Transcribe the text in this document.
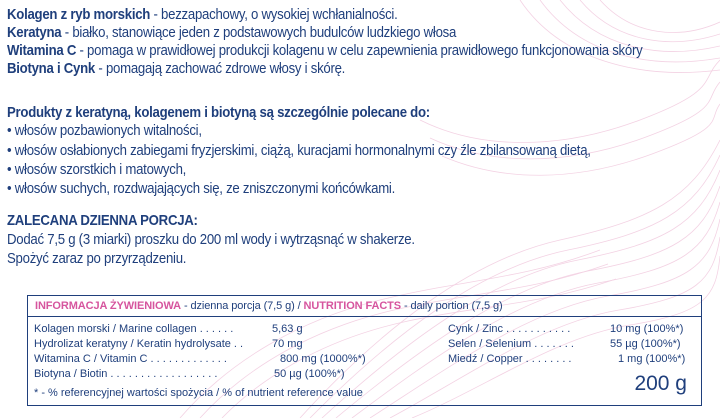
Kolagen z ryb morskich - bezzapachowy, o wysokiej wchłanialności.
Keratyna - białko, stanowiące jeden z podstawowych budulców ludzkiego włosa
Witamina C - pomaga w prawidłowej produkcji kolagenu w celu zapewnienia prawidłowego funkcjonowania skóry
Biotyna i Cynk - pomagają zachować zdrowe włosy i skórę.
Produkty z keratyną, kolagenem i biotyną są szczególnie polecane do:
• włosów pozbawionych witalności,
• włosów osłabionych zabiegami fryzjerskimi, ciążą, kuracjami hormonalnymi czy źle zbilansowaną dietą,
• włosów szorstkich i matowych,
• włosów suchych, rozdwajających się, ze zniszczonymi końcówkami.
ZALECANA DZIENNA PORCJA:
Dodać 7,5 g (3 miarki) proszku do 200 ml wody i wytrząsnąć w shakerze.
Spożyć zaraz po przyrządzeniu.
INFORMACJA ŻYWIENIOWA - dzienna porcja (7,5 g) / NUTRITION FACTS - daily portion (7,5 g)
Kolagen morski / Marine collagen . . . . . .	5,63 g
Hydrolizat keratyny / Keratin hydrolysate . .	70 mg
Witamina C / Vitamin C . . . . . . . . . . . . .	800 mg (1000%*)
Biotyna / Biotin . . . . . . . . . . . . . . . . . .	50 µg (100%*)
Cynk / Zinc . . . . . . . . . . .	10 mg (100%*)
Selen / Selenium . . . . . . .	55 µg (100%*)
Miedź / Copper . . . . . . . .	1 mg (100%*)
* - % referencyjnej wartości spożycia / % of nutrient reference value	200 g
